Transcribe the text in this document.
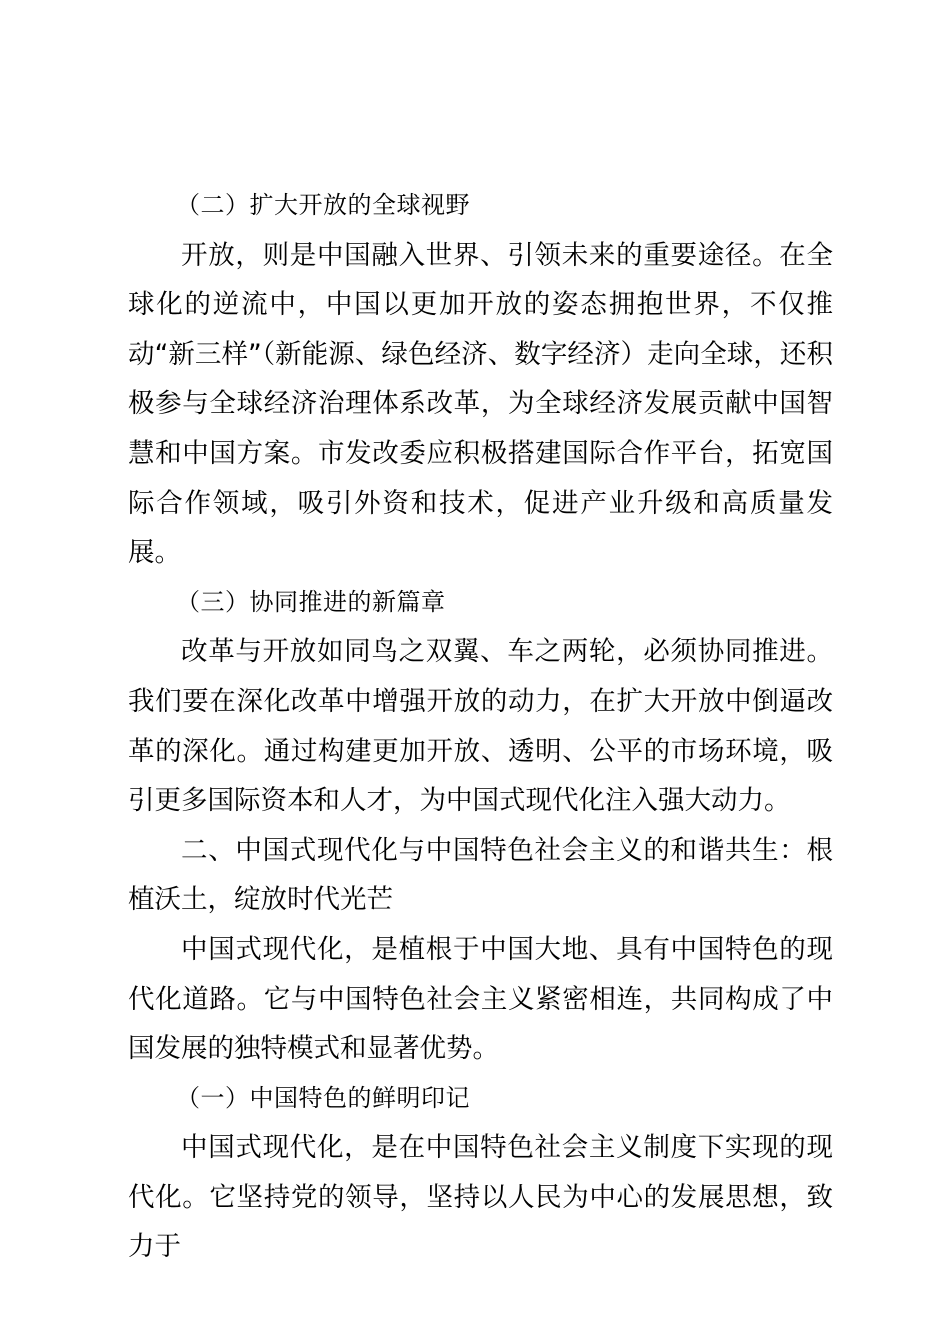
（二）扩大开放的全球视野

开放，则是中国融入世界、引领未来的重要途径。在全球化的逆流中，中国以更加开放的姿态拥抱世界，不仅推动“新三样”（新能源、绿色经济、数字经济）走向全球，还积极参与全球经济治理体系改革，为全球经济发展贡献中国智慧和中国方案。市发改委应积极搭建国际合作平台，拓宽国际合作领域，吸引外资和技术，促进产业升级和高质量发展。

（三）协同推进的新篇章

改革与开放如同鸟之双翼、车之两轮，必须协同推进。我们要在深化改革中增强开放的动力，在扩大开放中倒逼改革的深化。通过构建更加开放、透明、公平的市场环境，吸引更多国际资本和人才，为中国式现代化注入强大动力。

二、中国式现代化与中国特色社会主义的和谐共生：根植沃土，绽放时代光芒

中国式现代化，是植根于中国大地、具有中国特色的现代化道路。它与中国特色社会主义紧密相连，共同构成了中国发展的独特模式和显著优势。

（一）中国特色的鲜明印记

中国式现代化，是在中国特色社会主义制度下实现的现代化。它坚持党的领导，坚持以人民为中心的发展思想，致力于
